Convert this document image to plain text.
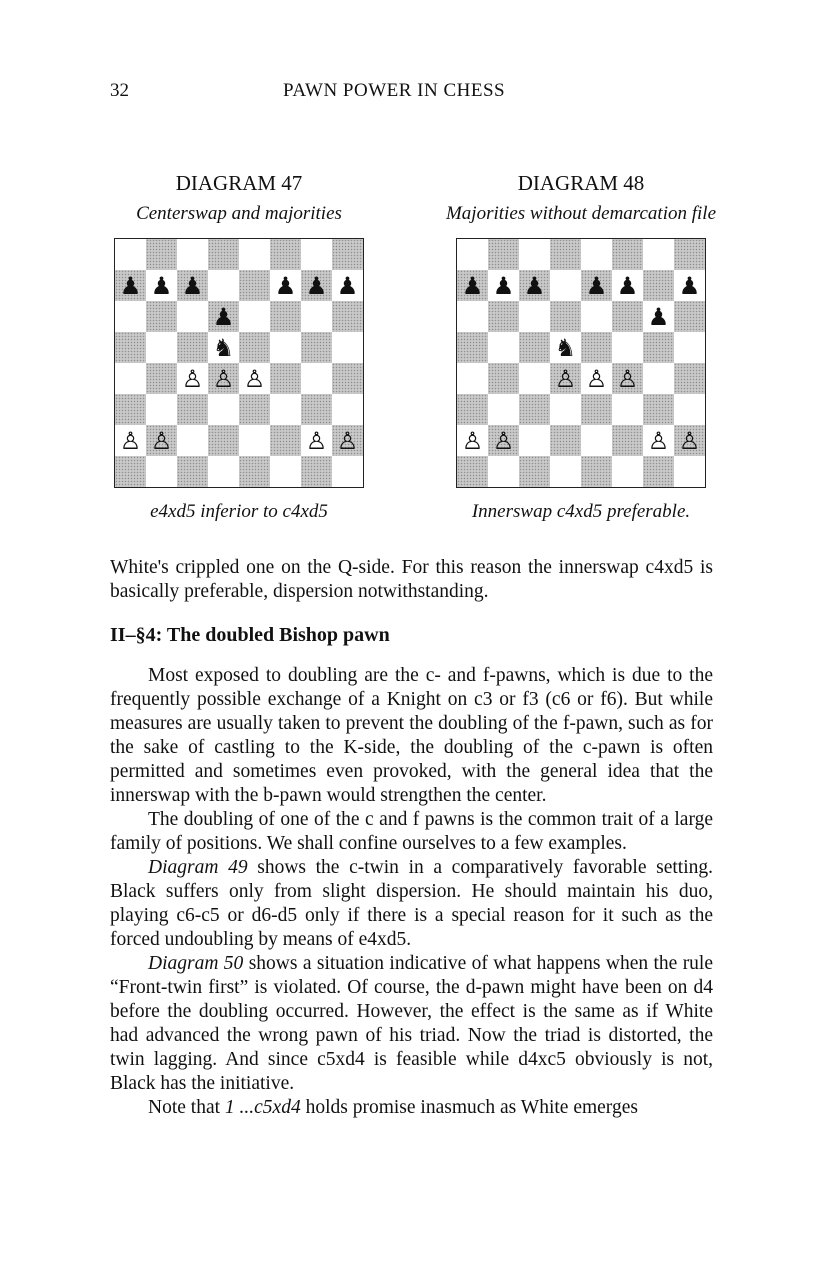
32	PAWN POWER IN CHESS
DIAGRAM 47
Centerswap and majorities
♟ ♟ ♟	♟ ♟ ♟
♟
♞
♙ ♙ ♙
♙ ♙	♙ ♙
e4xd5 inferior to c4xd5
DIAGRAM 48
Majorities without demarcation file
♟ ♟ ♟ ♟ ♟ ♟
♟
♞
♙ ♙ ♙
♙ ♙	♙ ♙
Innerswap c4xd5 preferable.

White's crippled one on the Q-side. For this reason the innerswap c4xd5 is basically preferable, dispersion notwithstanding.

II–§4: The doubled Bishop pawn

Most exposed to doubling are the c- and f-pawns, which is due to the frequently possible exchange of a Knight on c3 or f3 (c6 or f6). But while measures are usually taken to prevent the doubling of the f-pawn, such as for the sake of castling to the K-side, the doubling of the c-pawn is often permitted and sometimes even provoked, with the general idea that the innerswap with the b-pawn would strengthen the center.

The doubling of one of the c and f pawns is the common trait of a large family of positions. We shall confine ourselves to a few examples.

Diagram 49 shows the c-twin in a comparatively favorable setting. Black suffers only from slight dispersion. He should maintain his duo, playing c6-c5 or d6-d5 only if there is a special reason for it such as the forced undoubling by means of e4xd5.

Diagram 50 shows a situation indicative of what happens when the rule “Front-twin first” is violated. Of course, the d-pawn might have been on d4 before the doubling occurred. However, the effect is the same as if White had advanced the wrong pawn of his triad. Now the triad is distorted, the twin lagging. And since c5xd4 is feasible while d4xc5 obviously is not, Black has the initiative.

Note that 1 ...c5xd4 holds promise inasmuch as White emerges
